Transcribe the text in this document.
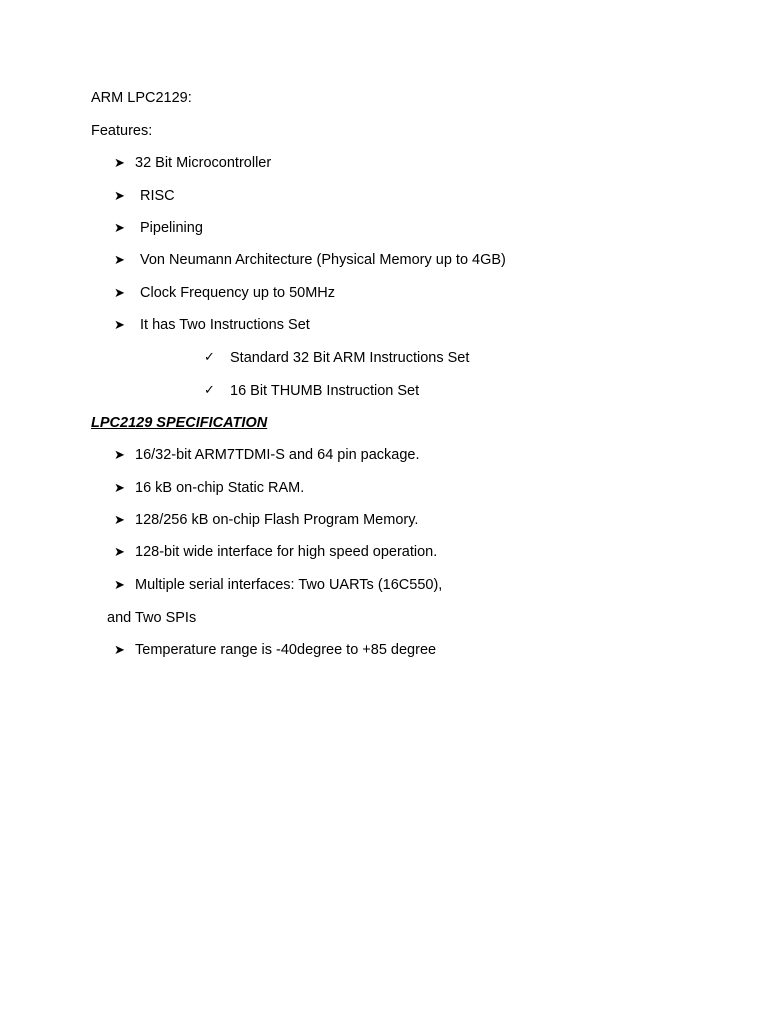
ARM LPC2129:
Features:
➤ 32 Bit Microcontroller
➤ RISC
➤ Pipelining
➤ Von Neumann Architecture (Physical Memory up to 4GB)
➤ Clock Frequency up to 50MHz
➤ It has Two Instructions Set
✓ Standard 32 Bit ARM Instructions Set
✓ 16 Bit THUMB Instruction Set
LPC2129 SPECIFICATION
➤ 16/32-bit ARM7TDMI-S and 64 pin package.
➤ 16 kB on-chip Static RAM.
➤ 128/256 kB on-chip Flash Program Memory.
➤ 128-bit wide interface for high speed operation.
➤ Multiple serial interfaces: Two UARTs (16C550),
and Two SPIs
➤ Temperature range is -40degree to +85 degree
